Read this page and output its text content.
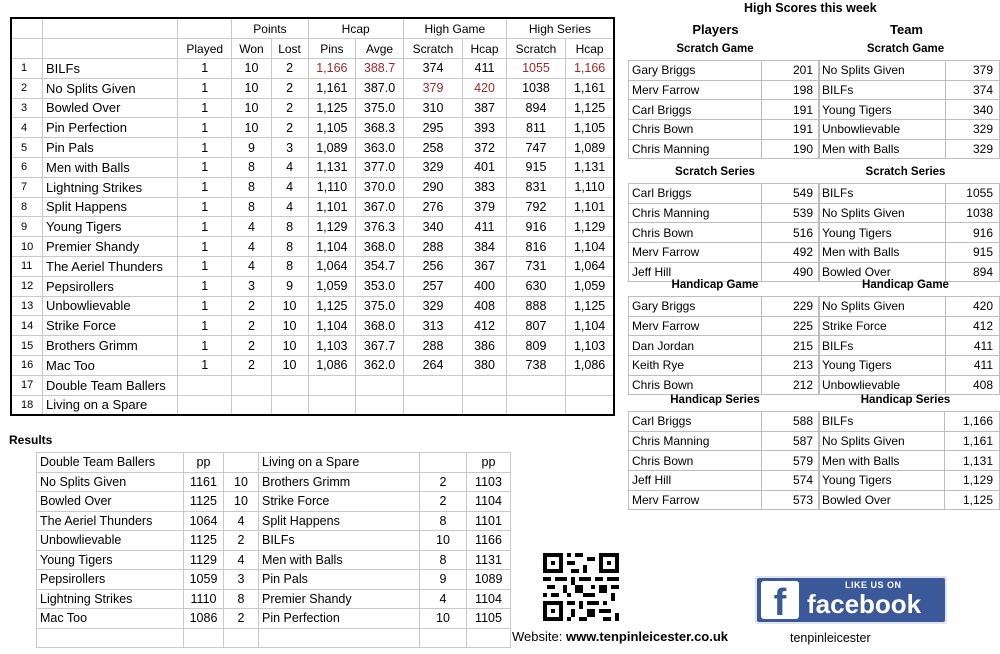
			Points		Hcap		High Game		High Series	
		Played	Won	Lost	Pins	Avge	Scratch	Hcap	Scratch	Hcap
1	BILFs	1	10	2	1,166	388.7	374	411	1055	1,166
2	No Splits Given	1	10	2	1,161	387.0	379	420	1038	1,161
3	Bowled Over	1	10	2	1,125	375.0	310	387	894	1,125
4	Pin Perfection	1	10	2	1,105	368.3	295	393	811	1,105
5	Pin Pals	1	9	3	1,089	363.0	258	372	747	1,089
6	Men with Balls	1	8	4	1,131	377.0	329	401	915	1,131
7	Lightning Strikes	1	8	4	1,110	370.0	290	383	831	1,110
8	Split Happens	1	8	4	1,101	367.0	276	379	792	1,101
9	Young Tigers	1	4	8	1,129	376.3	340	411	916	1,129
10	Premier Shandy	1	4	8	1,104	368.0	288	384	816	1,104
11	The Aeriel Thunders	1	4	8	1,064	354.7	256	367	731	1,064
12	Pepsirollers	1	3	9	1,059	353.0	257	400	630	1,059
13	Unbowlievable	1	2	10	1,125	375.0	329	408	888	1,125
14	Strike Force	1	2	10	1,104	368.0	313	412	807	1,104
15	Brothers Grimm	1	2	10	1,103	367.7	288	386	809	1,103
16	Mac Too	1	2	10	1,086	362.0	264	380	738	1,086
17	Double Team Ballers									
18	Living on a Spare									
Results
Double Team Ballers	pp		Living on a Spare		pp
No Splits Given	1161	10	Brothers Grimm	2	1103
Bowled Over	1125	10	Strike Force	2	1104
The Aeriel Thunders	1064	4	Split Happens	8	1101
Unbowlievable	1125	2	BILFs	10	1166
Young Tigers	1129	4	Men with Balls	8	1131
Pepsirollers	1059	3	Pin Pals	9	1089
Lightning Strikes	1110	8	Premier Shandy	4	1104
Mac Too	1086	2	Pin Perfection	10	1105

High Scores this week
Players	Team
Scratch Game
Gary Briggs	201
Merv Farrow	198
Carl Briggs	191
Chris Bown	191
Chris Manning	190
Scratch Game
No Splits Given	379
BILFs	374
Young Tigers	340
Unbowlievable	329
Men with Balls	329
Scratch Series
Carl Briggs	549
Chris Manning	539
Chris Bown	516
Merv Farrow	492
Jeff Hill	490
Scratch Series
BILFs	1055
No Splits Given	1038
Young Tigers	916
Men with Balls	915
Bowled Over	894
Handicap Game
Gary Briggs	229
Merv Farrow	225
Dan Jordan	215
Keith Rye	213
Chris Bown	212
Handicap Game
No Splits Given	420
Strike Force	412
BILFs	411
Young Tigers	411
Unbowlievable	408
Handicap Series
Carl Briggs	588
Chris Manning	587
Chris Bown	579
Jeff Hill	574
Merv Farrow	573
Handicap Series
BILFs	1,166
No Splits Given	1,161
Men with Balls	1,131
Young Tigers	1,129
Bowled Over	1,125
Website: www.tenpinleicester.co.uk
f	LIKE US ON
facebook
tenpinleicester
